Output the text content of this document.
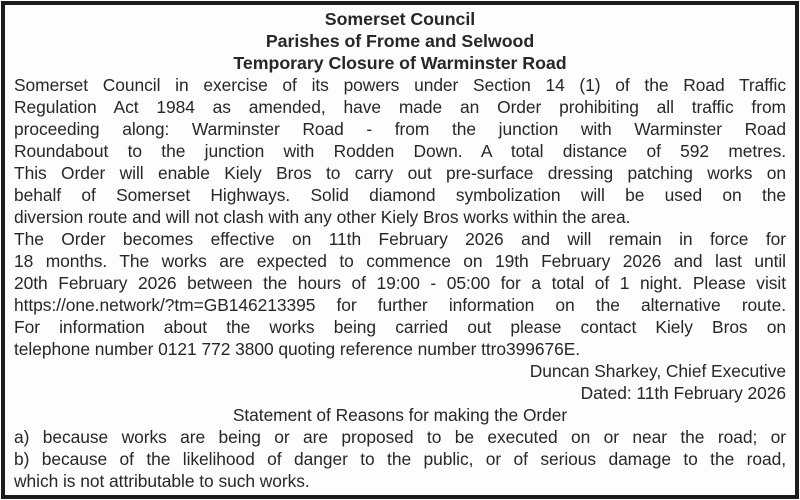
Somerset Council
Parishes of Frome and Selwood
Temporary Closure of Warminster Road
Somerset Council in exercise of its powers under Section 14 (1) of the Road Traffic
Regulation Act 1984 as amended, have made an Order prohibiting all traffic from
proceeding along: Warminster Road - from the junction with Warminster Road
Roundabout to the junction with Rodden Down. A total distance of 592 metres.
This Order will enable Kiely Bros to carry out pre-surface dressing patching works on
behalf of Somerset Highways. Solid diamond symbolization will be used on the
diversion route and will not clash with any other Kiely Bros works within the area.
The Order becomes effective on 11th February 2026 and will remain in force for
18 months. The works are expected to commence on 19th February 2026 and last until
20th February 2026 between the hours of 19:00 - 05:00 for a total of 1 night. Please visit
https://one.network/?tm=GB146213395 for further information on the alternative route.
For information about the works being carried out please contact Kiely Bros on
telephone number 0121 772 3800 quoting reference number ttro399676E.
Duncan Sharkey, Chief Executive
Dated: 11th February 2026
Statement of Reasons for making the Order
a) because works are being or are proposed to be executed on or near the road; or
b) because of the likelihood of danger to the public, or of serious damage to the road,
which is not attributable to such works.
